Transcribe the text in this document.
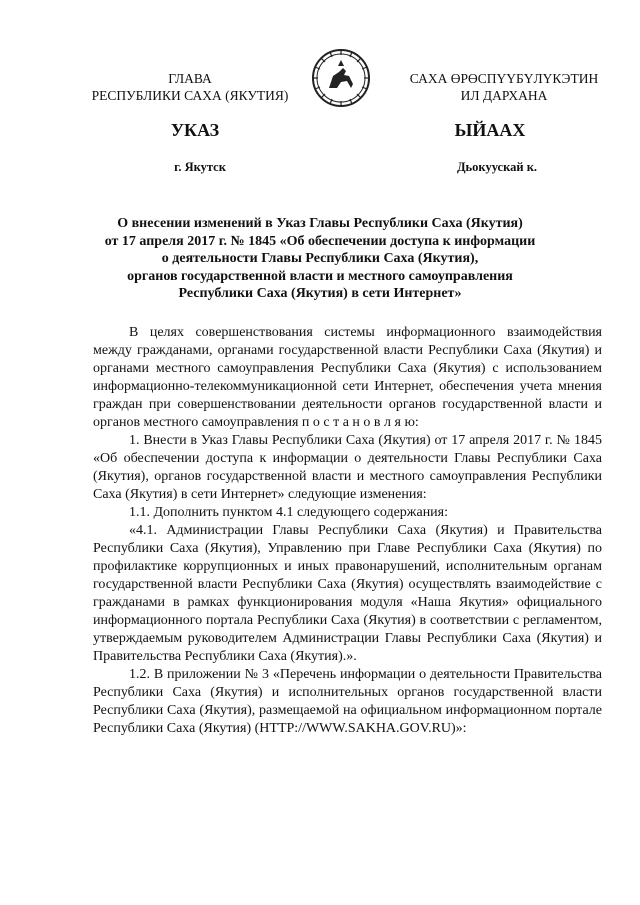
ГЛАВА
РЕСПУБЛИКИ САХА (ЯКУТИЯ)
САХА ӨРӨСПҮҮБҮЛҮКЭТИН
ИЛ ДАРХАНА
УКАЗ	ЫЙААХ
г. Якутск	Дьокуускай к.
О внесении изменений в Указ Главы Республики Саха (Якутия)
от 17 апреля 2017 г. № 1845 «Об обеспечении доступа к информации
о деятельности Главы Республики Саха (Якутия),
органов государственной власти и местного самоуправления
Республики Саха (Якутия) в сети Интернет»

В целях совершенствования системы информационного взаимодействия между гражданами, органами государственной власти Республики Саха (Якутия) и органами местного самоуправления Республики Саха (Якутия) с использованием информационно-телекоммуникационной сети Интернет, обеспечения учета мнения граждан при совершенствовании деятельности органов государственной власти и органов местного самоуправления п о с т а н о в л я ю:

1. Внести в Указ Главы Республики Саха (Якутия) от 17 апреля 2017 г. № 1845 «Об обеспечении доступа к информации о деятельности Главы Республики Саха (Якутия), органов государственной власти и местного самоуправления Республики Саха (Якутия) в сети Интернет» следующие изменения:

1.1. Дополнить пунктом 4.1 следующего содержания:

«4.1. Администрации Главы Республики Саха (Якутия) и Правительства Республики Саха (Якутия), Управлению при Главе Республики Саха (Якутия) по профилактике коррупционных и иных правонарушений, исполнительным органам государственной власти Республики Саха (Якутия) осуществлять взаимодействие с гражданами в рамках функционирования модуля «Наша Якутия» официального информационного портала Республики Саха (Якутия) в соответствии с регламентом, утверждаемым руководителем Администрации Главы Республики Саха (Якутия) и Правительства Республики Саха (Якутия).».

1.2. В приложении № 3 «Перечень информации о деятельности Правительства Республики Саха (Якутия) и исполнительных органов государственной власти Республики Саха (Якутия), размещаемой на официальном информационном портале Республики Саха (Якутия) (HTTP://WWW.SAKHA.GOV.RU)»:
